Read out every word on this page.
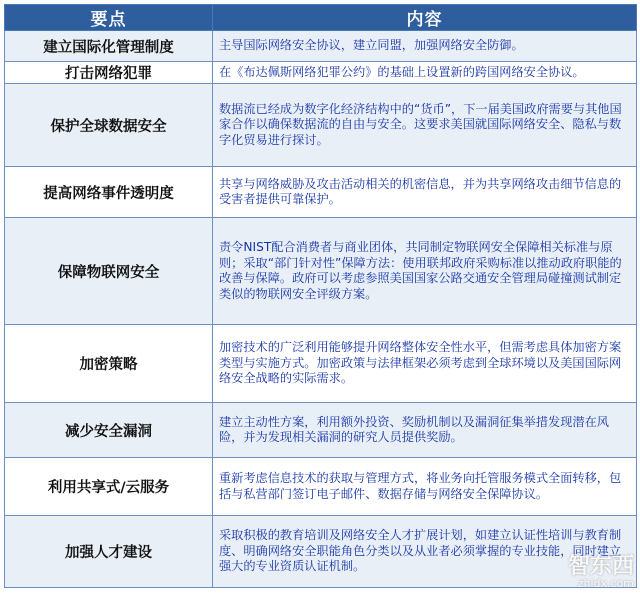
要点	内容
建立国际化管理制度	主导国际网络安全协议，建立同盟，加强网络安全防御。
打击网络犯罪	在《布达佩斯网络犯罪公约》的基础上设置新的跨国网络安全协议。
保护全球数据安全	数据流已经成为数字化经济结构中的“货币”，下一届美国政府需要与其他国家合作以确保数据流的自由与安全。这要求美国就国际网络安全、隐私与数字化贸易进行探讨。
提高网络事件透明度	共享与网络威胁及攻击活动相关的机密信息，并为共享网络攻击细节信息的受害者提供可靠保护。
保障物联网安全	责令NIST配合消费者与商业团体，共同制定物联网安全保障相关标准与原则；采取“部门针对性”保障方法：使用联邦政府采购标准以推动政府职能的改善与保障。政府可以考虑参照美国国家公路交通安全管理局碰撞测试制定类似的物联网安全评级方案。
加密策略	加密技术的广泛利用能够提升网络整体安全性水平，但需考虑具体加密方案类型与实施方式。加密政策与法律框架必须考虑到全球环境以及美国国际网络安全战略的实际需求。
减少安全漏洞	建立主动性方案，利用额外投资、奖励机制以及漏洞征集举措发现潜在风险，并为发现相关漏洞的研究人员提供奖励。
利用共享式/云服务	重新考虑信息技术的获取与管理方式，将业务向托管服务模式全面转移，包括与私营部门签订电子邮件、数据存储与网络安全保障协议。
加强人才建设	采取积极的教育培训及网络安全人才扩展计划，如建立认证性培训与教育制度、明确网络安全职能角色分类以及从业者必须掌握的专业技能，同时建立强大的专业资质认证机制。	智东西
zhidx.com
